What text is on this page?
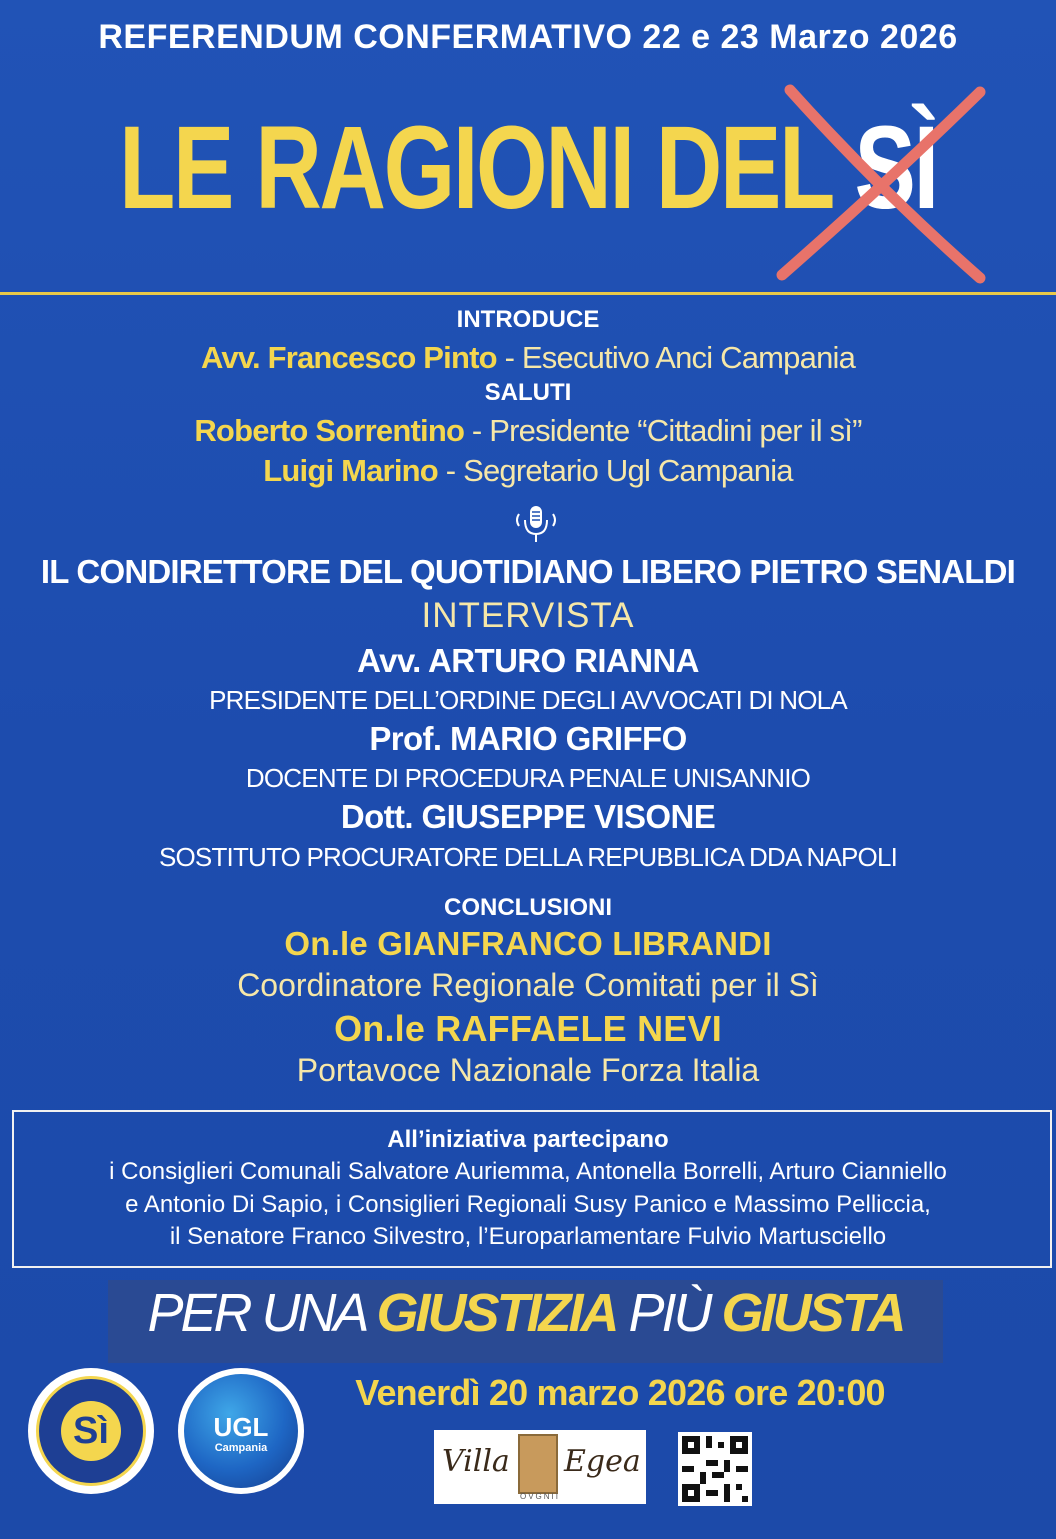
REFERENDUM CONFERMATIVO 22 e 23 Marzo 2026
LE RAGIONI DEL SÌ
INTRODUCE
Avv. Francesco Pinto - Esecutivo Anci Campania
SALUTI
Roberto Sorrentino - Presidente “Cittadini per il sì”
Luigi Marino - Segretario Ugl Campania
IL CONDIRETTORE DEL QUOTIDIANO LIBERO PIETRO SENALDI
INTERVISTA
Avv. ARTURO RIANNA
PRESIDENTE DELL’ORDINE DEGLI AVVOCATI DI NOLA
Prof. MARIO GRIFFO
DOCENTE DI PROCEDURA PENALE UNISANNIO
Dott. GIUSEPPE VISONE
SOSTITUTO PROCURATORE DELLA REPUBBLICA DDA NAPOLI
CONCLUSIONI
On.le GIANFRANCO LIBRANDI
Coordinatore Regionale Comitati per il Sì
On.le RAFFAELE NEVI
Portavoce Nazionale Forza Italia
All’iniziativa partecipano
i Consiglieri Comunali Salvatore Auriemma, Antonella Borrelli, Arturo Cianniello
e Antonio Di Sapio, i Consiglieri Regionali Susy Panico e Massimo Pelliccia,
il Senatore Franco Silvestro, l’Europarlamentare Fulvio Martusciello
PER UNA GIUSTIZIA PIÙ GIUSTA
Venerdì 20 marzo 2026 ore 20:00
Sì	UGL
Campania	Villa Egea
OVGNII
